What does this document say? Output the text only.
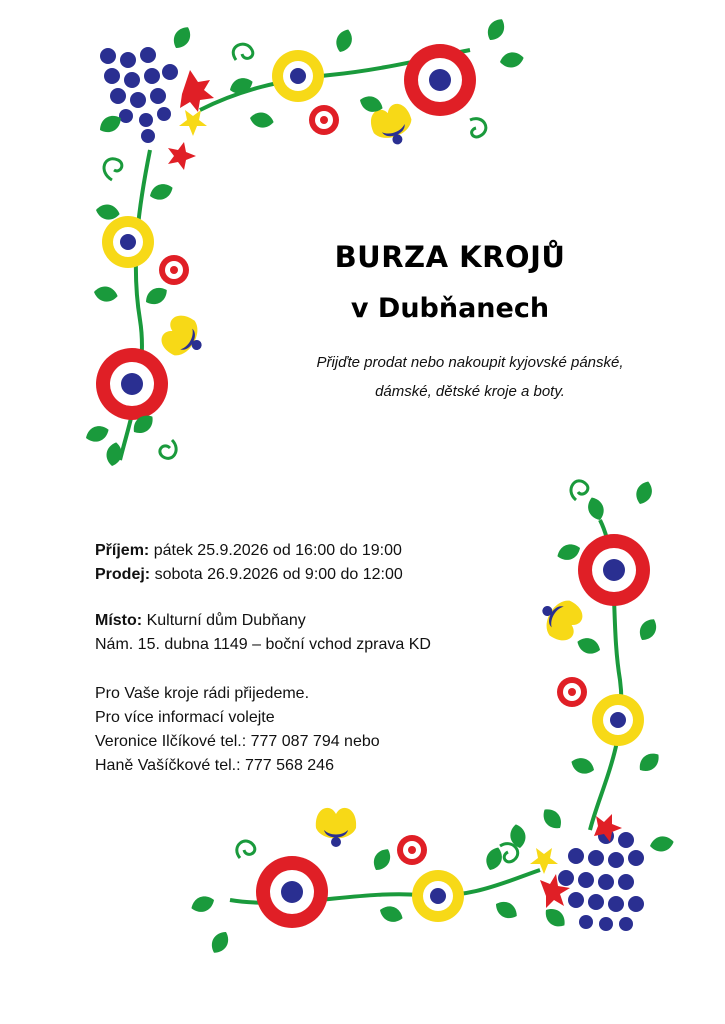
BURZA KROJŮ
v Dubňanech

Přijďte prodat nebo nakoupit kyjovské pánské,
dámské, dětské kroje a boty.

Příjem: pátek 25.9.2026 od 16:00 do 19:00
Prodej: sobota 26.9.2026 od 9:00 do 12:00

Místo: Kulturní dům Dubňany
Nám. 15. dubna 1149 – boční vchod zprava KD

Pro Vaše kroje rádi přijedeme.
Pro více informací volejte
Veronice Ilčíkové tel.: 777 087 794 nebo
Haně Vašíčkové tel.: 777 568 246
